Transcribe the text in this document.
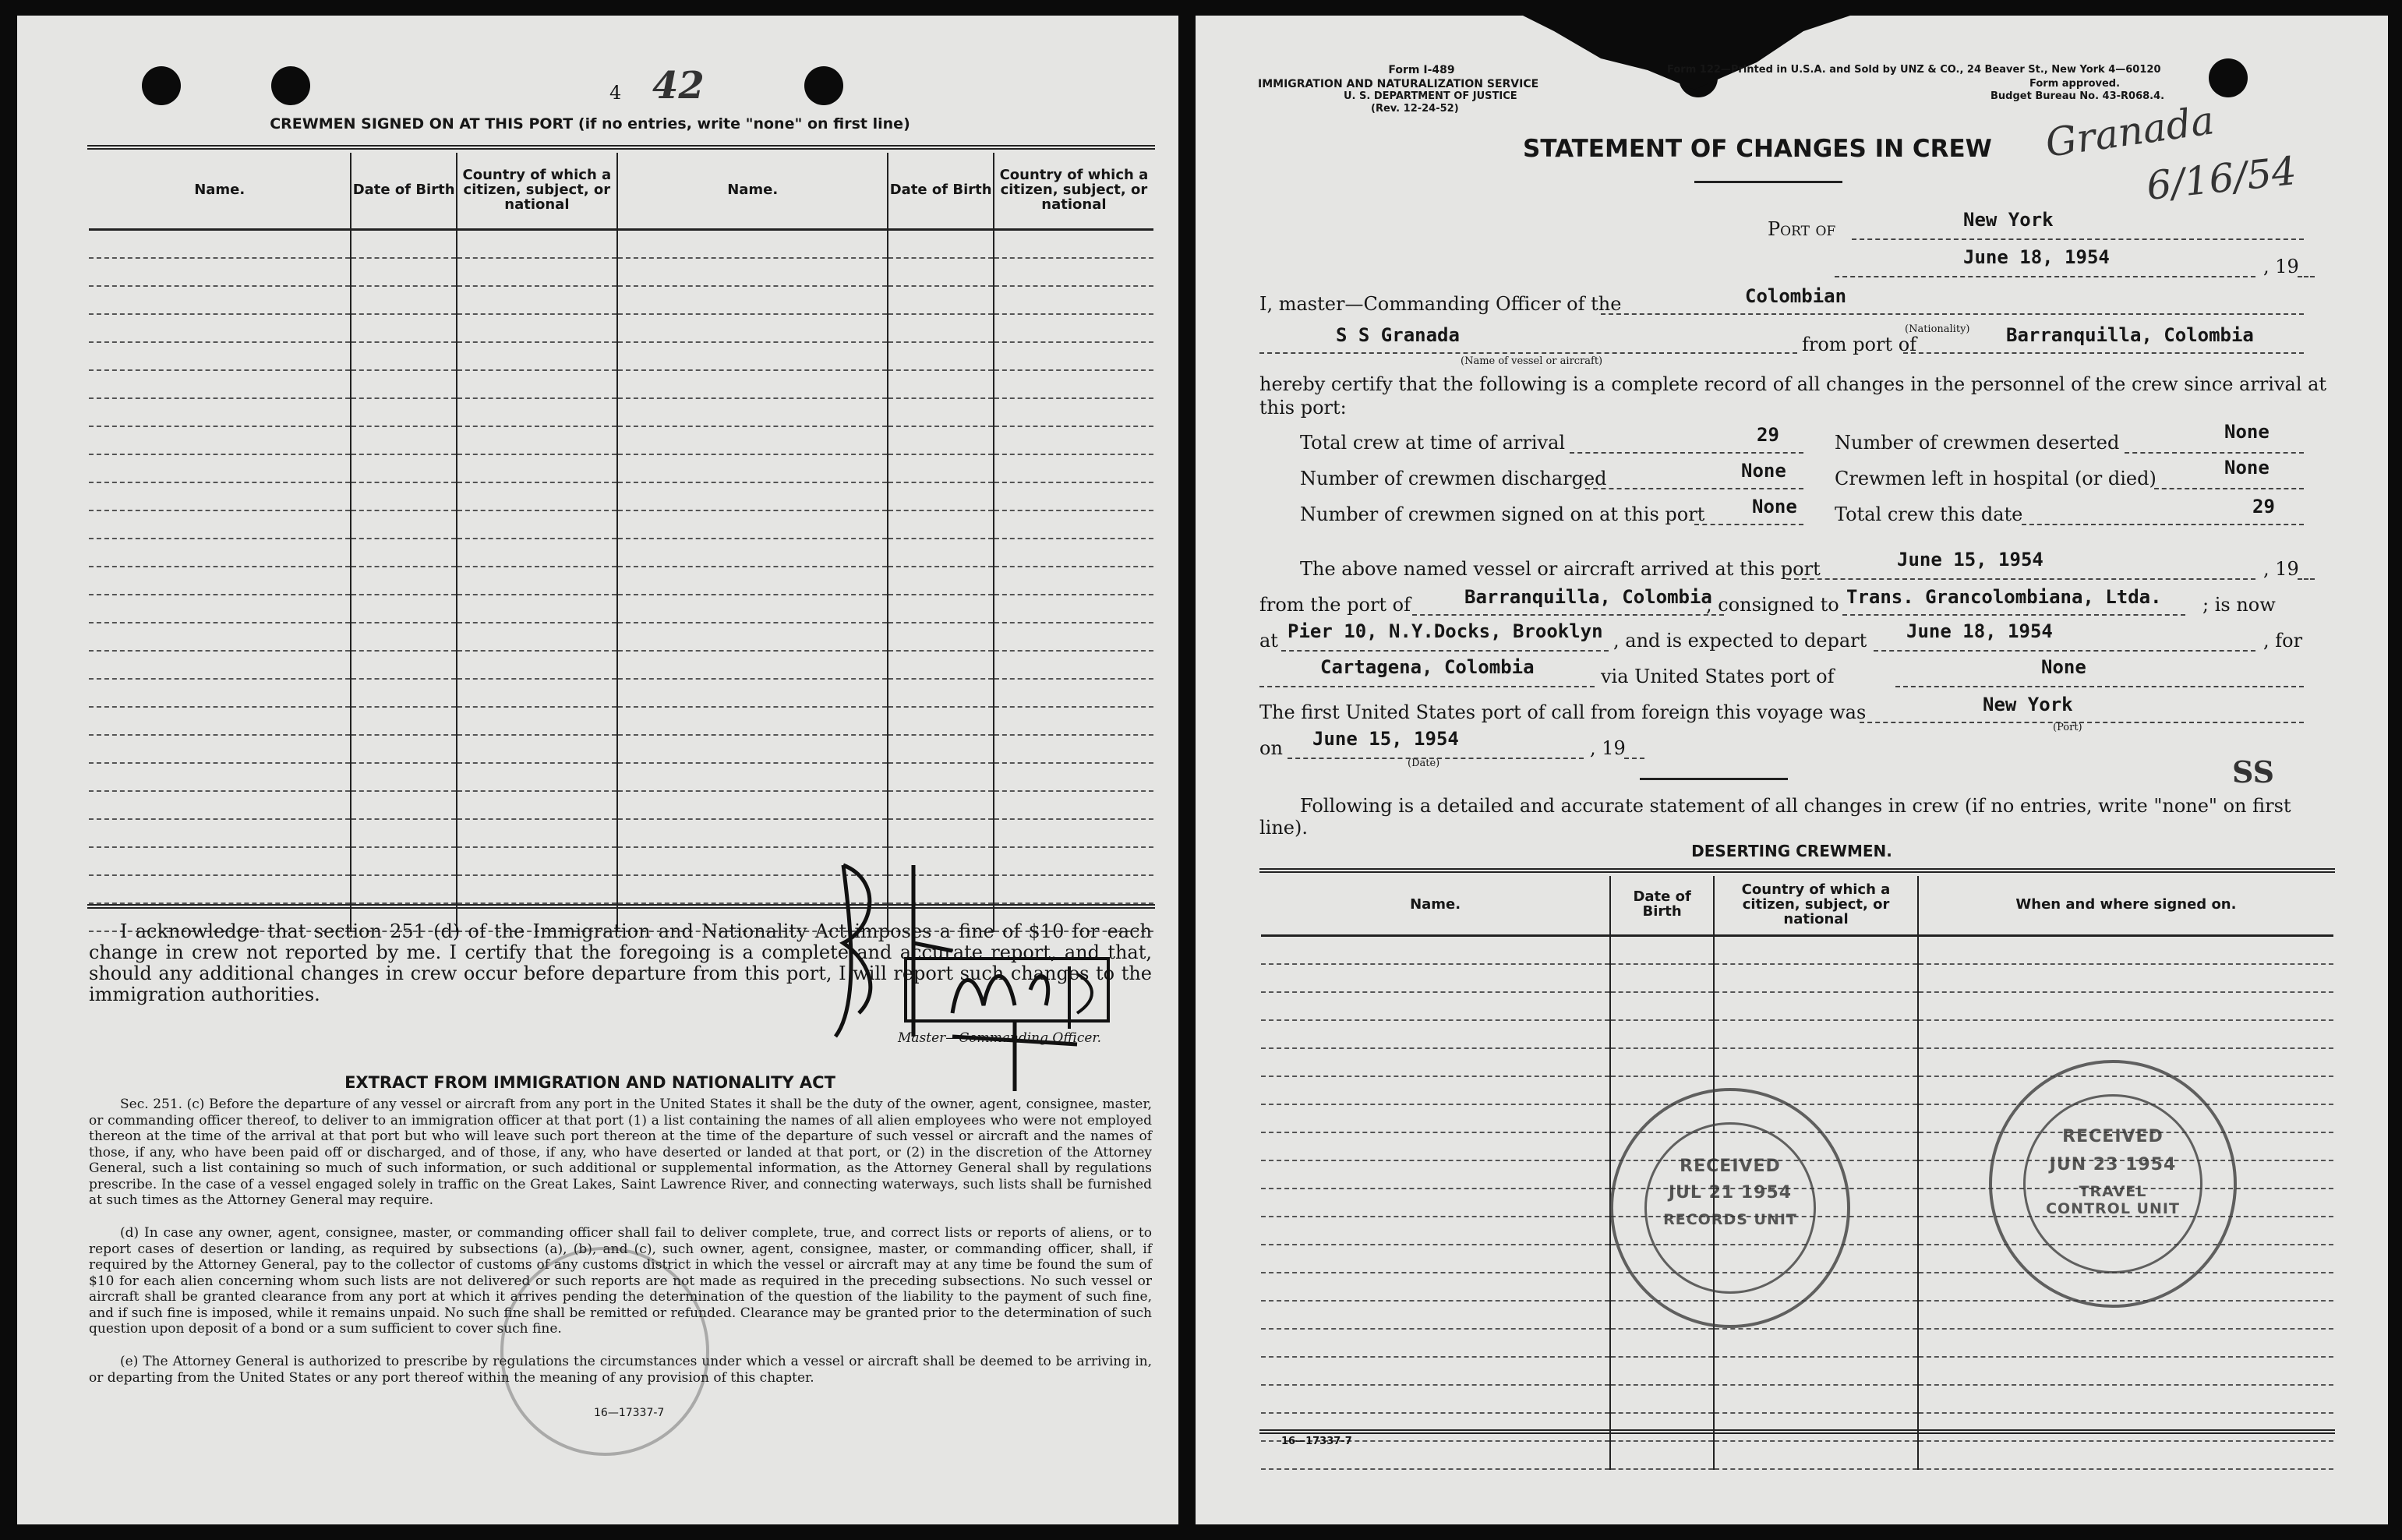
4 42
CREWMEN SIGNED ON AT THIS PORT (if no entries, write "none" on first line)
Name.	Date of Birth	Country of which a citizen, subject, or national	Name.	Date of Birth	Country of which a citizen, subject, or national

I acknowledge that section 251 (d) of the Immigration and Nationality Act imposes a fine of $10 for each change in crew not reported by me. I certify that the foregoing is a complete and accurate report, and that, should any additional changes in crew occur before departure from this port, I will report such changes to the immigration authorities.
Master—Commanding Officer.
EXTRACT FROM IMMIGRATION AND NATIONALITY ACT
Sec. 251. (c) Before the departure of any vessel or aircraft from any port in the United States it shall be the duty of the owner, agent, consignee, master, or commanding officer thereof, to deliver to an immigration officer at that port (1) a list containing the names of all alien employees who were not employed thereon at the time of the arrival at that port but who will leave such port thereon at the time of the departure of such vessel or aircraft and the names of those, if any, who have been paid off or discharged, and of those, if any, who have deserted or landed at that port, or (2) in the discretion of the Attorney General, such a list containing so much of such information, or such additional or supplemental information, as the Attorney General shall by regulations prescribe. In the case of a vessel engaged solely in traffic on the Great Lakes, Saint Lawrence River, and connecting waterways, such lists shall be furnished at such times as the Attorney General may require.
(d) In case any owner, agent, consignee, master, or commanding officer shall fail to deliver complete, true, and correct lists or reports of aliens, or to report cases of desertion or landing, as required by subsections (a), (b), and (c), such owner, agent, consignee, master, or commanding officer, shall, if required by the Attorney General, pay to the collector of customs of any customs district in which the vessel or aircraft may at any time be found the sum of $10 for each alien concerning whom such lists are not delivered or such reports are not made as required in the preceding subsections. No such vessel or aircraft shall be granted clearance from any port at which it arrives pending the determination of the question of the liability to the payment of such fine, and if such fine is imposed, while it remains unpaid. No such fine shall be remitted or refunded. Clearance may be granted prior to the determination of such question upon deposit of a bond or a sum sufficient to cover such fine.
(e) The Attorney General is authorized to prescribe by regulations the circumstances under which a vessel or aircraft shall be deemed to be arriving in, or departing from the United States or any port thereof within the meaning of any provision of this chapter.
16—17337-7
Form I-489
IMMIGRATION AND NATURALIZATION SERVICE
U. S. DEPARTMENT OF JUSTICE
(Rev. 12-24-52)
Form 122—Printed in U.S.A. and Sold by UNZ & CO., 24 Beaver St., New York 4—60120
Form approved.
Budget Bureau No. 43-R068.4.
STATEMENT OF CHANGES IN CREW Granada
6/16/54
Port of	New York
June 18, 1954	, 19
I, master—Commanding Officer of the	Colombian
S S Granada
(Name of vessel or aircraft)
from port of
(Nationality) Barranquilla, Colombia
hereby certify that the following is a complete record of all changes in the personnel of the crew since arrival at this port:
Total crew at time of arrival	29	Number of crewmen deserted	None
Number of crewmen discharged	None	Crewmen left in hospital (or died)	None
Number of crewmen signed on at this port	None Total crew this date	29
The above named vessel or aircraft arrived at this port	June 15, 1954	, 19
from the port of	Barranquilla, Colombia
, consigned to Trans. Grancolombiana, Ltda. ; is now
at Pier 10, N.Y.Docks, Brooklyn , and is expected to depart June 18, 1954	, for
Cartagena, Colombia	via United States port of	None
The first United States port of call from foreign this voyage was	New York
(Port)
on June 15, 1954
(Date)
, 19
SS
Following is a detailed and accurate statement of all changes in crew (if no entries, write "none" on first line).
DESERTING CREWMEN.
Name.	Date of Birth	Country of which a citizen, subject, or national	When and where signed on.

16—17337-7
RECEIVED
JUL 21 1954
RECORDS UNIT
RECEIVED
JUN 23 1954
TRAVEL CONTROL UNIT
